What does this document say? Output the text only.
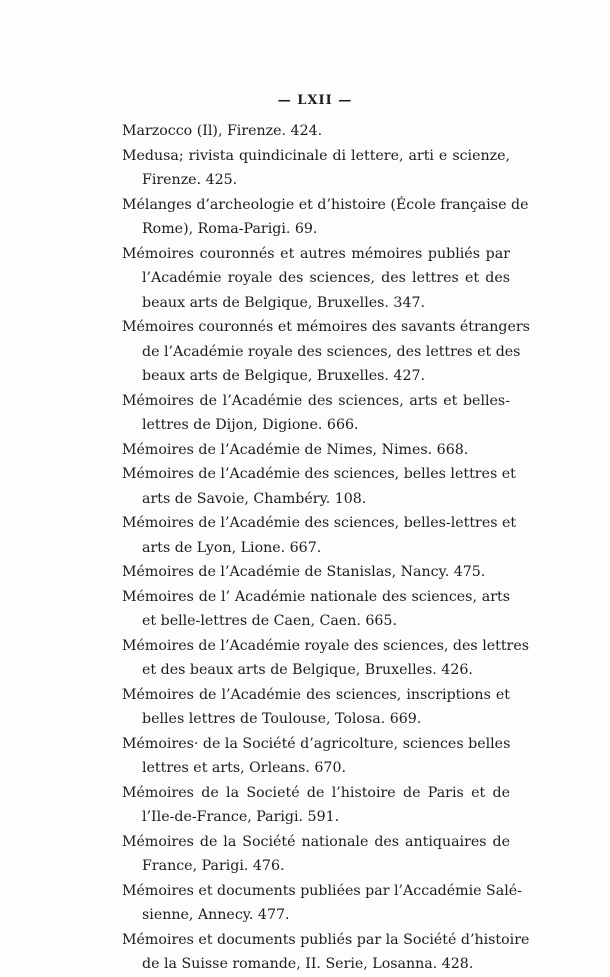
— LXII —
Marzocco (Il), Firenze. 424.
Medusa; rivista quindicinale di lettere, arti e scienze,
Firenze. 425.
Mélanges d’archeologie et d’histoire (École française de
Rome), Roma-Parigi. 69.
Mémoires couronnés et autres mémoires publiés par
l’Académie royale des sciences, des lettres et des
beaux arts de Belgique, Bruxelles. 347.
Mémoires couronnés et mémoires des savants étrangers
de l’Académie royale des sciences, des lettres et des
beaux arts de Belgique, Bruxelles. 427.
Mémoires de l’Académie des sciences, arts et belles-
lettres de Dijon, Digione. 666.
Mémoires de l’Académie de Nimes, Nimes. 668.
Mémoires de l’Académie des sciences, belles lettres et
arts de Savoie, Chambéry. 108.
Mémoires de l’Académie des sciences, belles-lettres et
arts de Lyon, Lione. 667.
Mémoires de l’Académie de Stanislas, Nancy. 475.
Mémoires de l’ Académie nationale des sciences, arts
et belle-lettres de Caen, Caen. 665.
Mémoires de l’Académie royale des sciences, des lettres
et des beaux arts de Belgique, Bruxelles. 426.
Mémoires de l’Académie des sciences, inscriptions et
belles lettres de Toulouse, Tolosa. 669.
Mémoires· de la Société d’agricolture, sciences belles
lettres et arts, Orleans. 670.
Mémoires de la Societé de l’histoire de Paris et de
l’Ile-de-France, Parigi. 591.
Mémoires de la Société nationale des antiquaires de
France, Parigi. 476.
Mémoires et documents publiées par l’Accadémie Salé-
sienne, Annecy. 477.
Mémoires et documents publiés par la Société d’histoire
de la Suisse romande, II. Serie, Losanna. 428.
